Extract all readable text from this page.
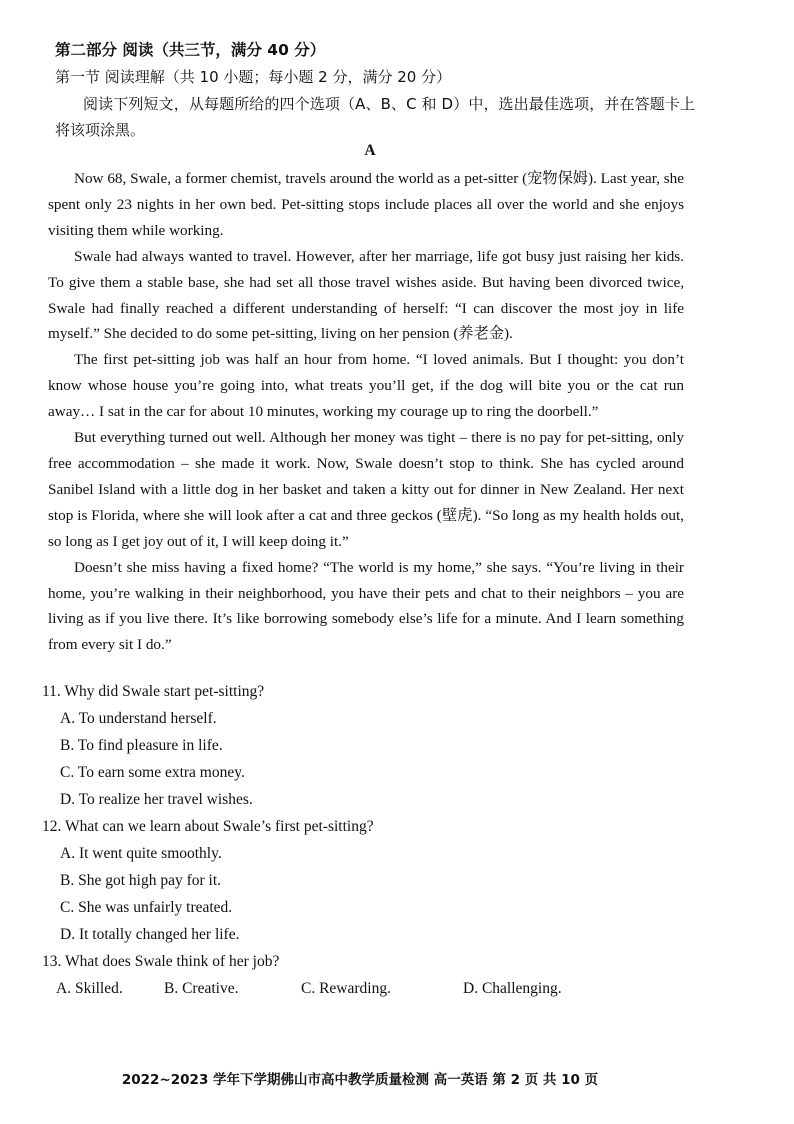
第二部分 阅读（共三节，满分 40 分）
第一节 阅读理解（共 10 小题；每小题 2 分，满分 20 分）
阅读下列短文，从每题所给的四个选项（A、B、C 和 D）中，选出最佳选项，并在答题卡上将该项涂黑。
A

Now 68, Swale, a former chemist, travels around the world as a pet-sitter (宠物保姆). Last year, she spent only 23 nights in her own bed. Pet-sitting stops include places all over the world and she enjoys visiting them while working.

Swale had always wanted to travel. However, after her marriage, life got busy just raising her kids. To give them a stable base, she had set all those travel wishes aside. But having been divorced twice, Swale had finally reached a different understanding of herself: “I can discover the most joy in life myself.” She decided to do some pet-sitting, living on her pension (养老金).

The first pet-sitting job was half an hour from home. “I loved animals. But I thought: you don’t know whose house you’re going into, what treats you’ll get, if the dog will bite you or the cat run away… I sat in the car for about 10 minutes, working my courage up to ring the doorbell.”

But everything turned out well. Although her money was tight – there is no pay for pet-sitting, only free accommodation – she made it work. Now, Swale doesn’t stop to think. She has cycled around Sanibel Island with a little dog in her basket and taken a kitty out for dinner in New Zealand. Her next stop is Florida, where she will look after a cat and three geckos (壁虎). “So long as my health holds out, so long as I get joy out of it, I will keep doing it.”

Doesn’t she miss having a fixed home? “The world is my home,” she says. “You’re living in their home, you’re walking in their neighborhood, you have their pets and chat to their neighbors – you are living as if you live there. It’s like borrowing somebody else’s life for a minute. And I learn something from every sit I do.”

11. Why did Swale start pet-sitting?
A. To understand herself.
B. To find pleasure in life.
C. To earn some extra money.
D. To realize her travel wishes.
12. What can we learn about Swale’s first pet-sitting?
A. It went quite smoothly.
B. She got high pay for it.
C. She was unfairly treated.
D. It totally changed her life.
13. What does Swale think of her job?
A. Skilled.	B. Creative.	C. Rewarding.	D. Challenging.
2022~2023 学年下学期佛山市高中教学质量检测 高一英语 第 2 页 共 10 页
